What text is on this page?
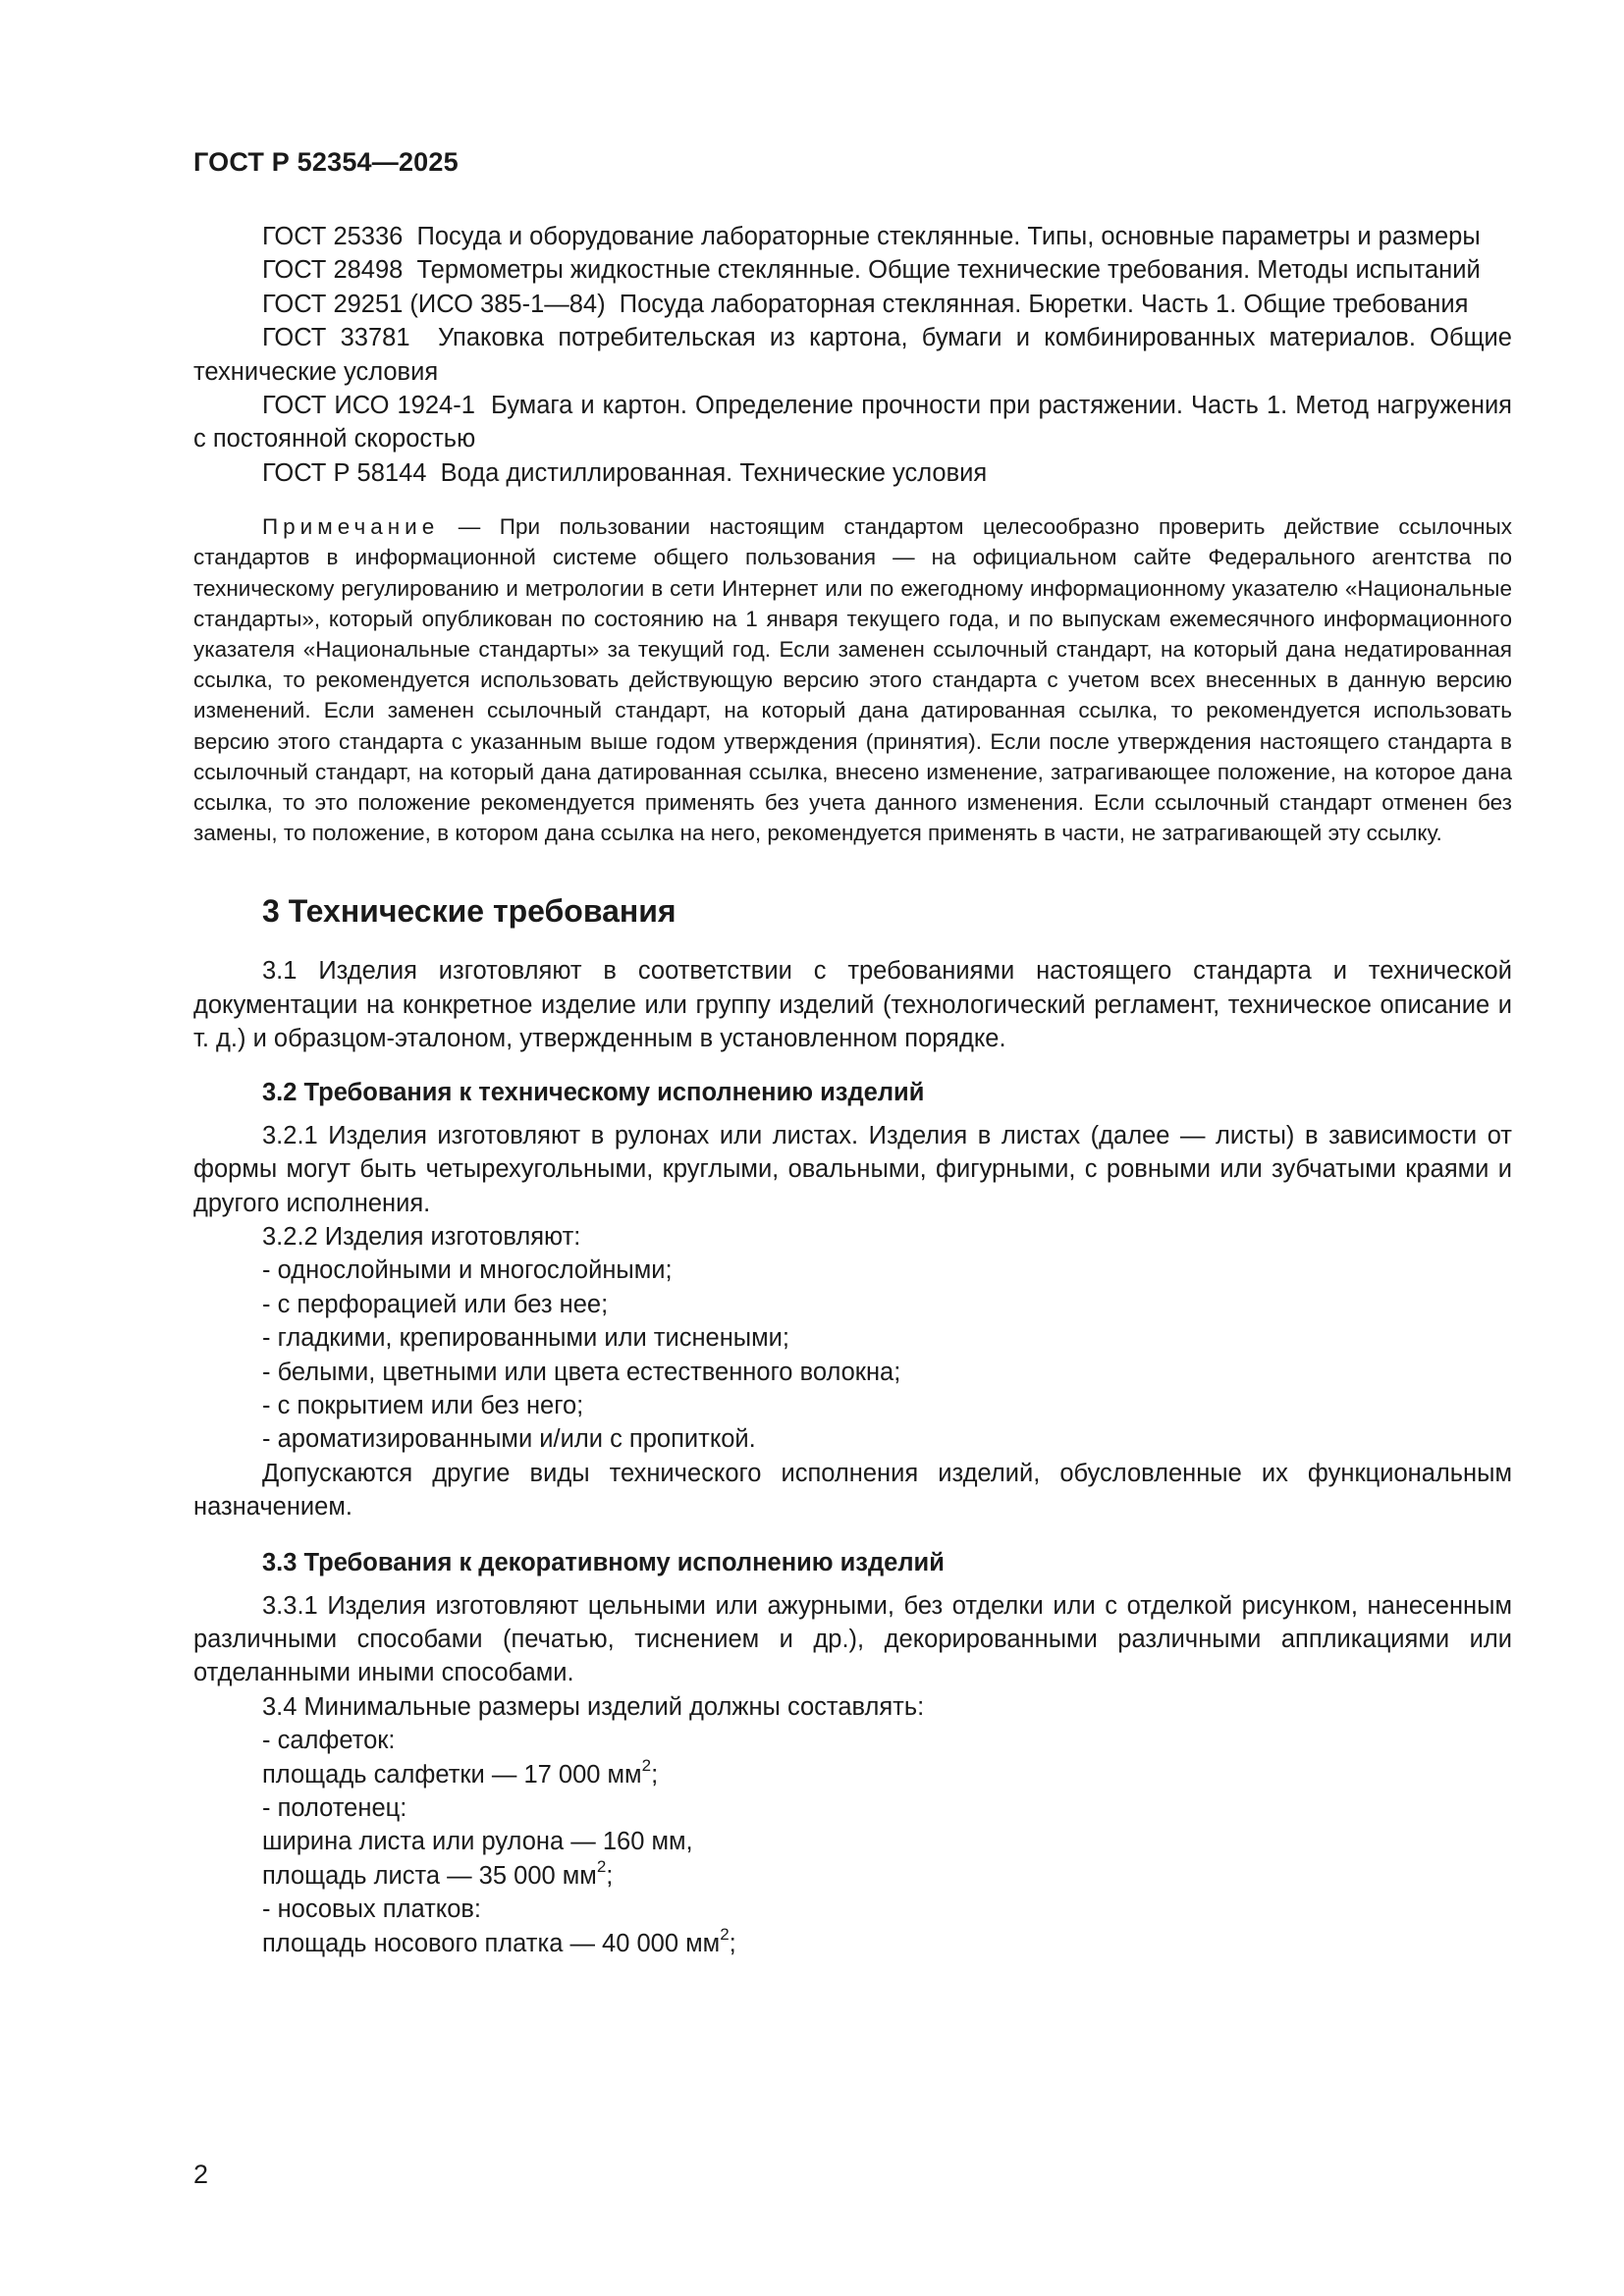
ГОСТ Р 52354—2025

ГОСТ 25336 Посуда и оборудование лабораторные стеклянные. Типы, основные параметры и размеры

ГОСТ 28498 Термометры жидкостные стеклянные. Общие технические требования. Методы испытаний

ГОСТ 29251 (ИСО 385-1—84) Посуда лабораторная стеклянная. Бюретки. Часть 1. Общие требования

ГОСТ 33781 Упаковка потребительская из картона, бумаги и комбинированных материалов. Общие технические условия

ГОСТ ИСО 1924-1 Бумага и картон. Определение прочности при растяжении. Часть 1. Метод нагружения с постоянной скоростью

ГОСТ Р 58144 Вода дистиллированная. Технические условия

Примечание — При пользовании настоящим стандартом целесообразно проверить действие ссылочных стандартов в информационной системе общего пользования — на официальном сайте Федерального агентства по техническому регулированию и метрологии в сети Интернет или по ежегодному информационному указателю «Национальные стандарты», который опубликован по состоянию на 1 января текущего года, и по выпускам ежемесячного информационного указателя «Национальные стандарты» за текущий год. Если заменен ссылочный стандарт, на который дана недатированная ссылка, то рекомендуется использовать действующую версию этого стандарта с учетом всех внесенных в данную версию изменений. Если заменен ссылочный стандарт, на который дана датированная ссылка, то рекомендуется использовать версию этого стандарта с указанным выше годом утверждения (принятия). Если после утверждения настоящего стандарта в ссылочный стандарт, на который дана датированная ссылка, внесено изменение, затрагивающее положение, на которое дана ссылка, то это положение рекомендуется применять без учета данного изменения. Если ссылочный стандарт отменен без замены, то положение, в котором дана ссылка на него, рекомендуется применять в части, не затрагивающей эту ссылку.

3 Технические требования

3.1 Изделия изготовляют в соответствии с требованиями настоящего стандарта и технической документации на конкретное изделие или группу изделий (технологический регламент, техническое описание и т. д.) и образцом-эталоном, утвержденным в установленном порядке.

3.2 Требования к техническому исполнению изделий

3.2.1 Изделия изготовляют в рулонах или листах. Изделия в листах (далее — листы) в зависимости от формы могут быть четырехугольными, круглыми, овальными, фигурными, с ровными или зубчатыми краями и другого исполнения.

3.2.2 Изделия изготовляют:

- однослойными и многослойными;

- с перфорацией или без нее;

- гладкими, крепированными или тиснеными;

- белыми, цветными или цвета естественного волокна;

- с покрытием или без него;

- ароматизированными и/или с пропиткой.

Допускаются другие виды технического исполнения изделий, обусловленные их функциональным назначением.

3.3 Требования к декоративному исполнению изделий

3.3.1 Изделия изготовляют цельными или ажурными, без отделки или с отделкой рисунком, нанесенным различными способами (печатью, тиснением и др.), декорированными различными аппликациями или отделанными иными способами.

3.4 Минимальные размеры изделий должны составлять:

- салфеток:

площадь салфетки — 17 000 $мм^2$;

- полотенец:

ширина листа или рулона — 160 мм,

площадь листа — 35 000 $мм^2$;

- носовых платков:

площадь носового платка — 40 000 $мм^2$;

2
